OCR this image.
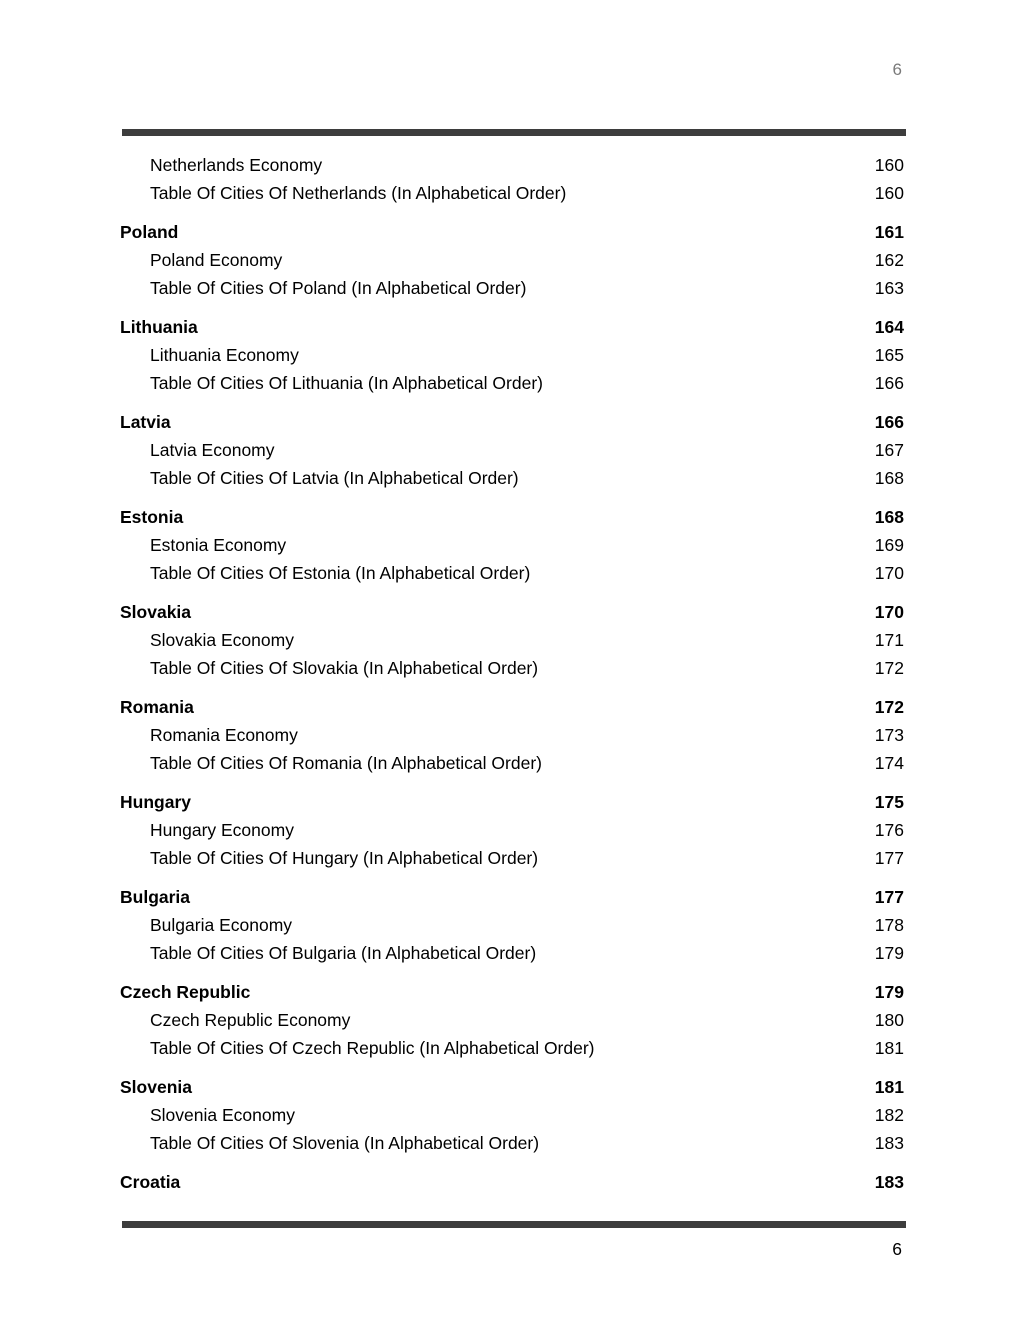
6
Netherlands Economy	160
Table Of Cities Of Netherlands (In Alphabetical Order)	160
Poland	161
Poland Economy	162
Table Of Cities Of Poland (In Alphabetical Order)	163
Lithuania	164
Lithuania Economy	165
Table Of Cities Of Lithuania (In Alphabetical Order)	166
Latvia	166
Latvia Economy	167
Table Of Cities Of Latvia (In Alphabetical Order)	168
Estonia	168
Estonia Economy	169
Table Of Cities Of Estonia (In Alphabetical Order)	170
Slovakia	170
Slovakia Economy	171
Table Of Cities Of Slovakia (In Alphabetical Order)	172
Romania	172
Romania Economy	173
Table Of Cities Of Romania (In Alphabetical Order)	174
Hungary	175
Hungary Economy	176
Table Of Cities Of Hungary (In Alphabetical Order)	177
Bulgaria	177
Bulgaria Economy	178
Table Of Cities Of Bulgaria (In Alphabetical Order)	179
Czech Republic	179
Czech Republic Economy	180
Table Of Cities Of Czech Republic (In Alphabetical Order)	181
Slovenia	181
Slovenia Economy	182
Table Of Cities Of Slovenia (In Alphabetical Order)	183
Croatia	183
6
